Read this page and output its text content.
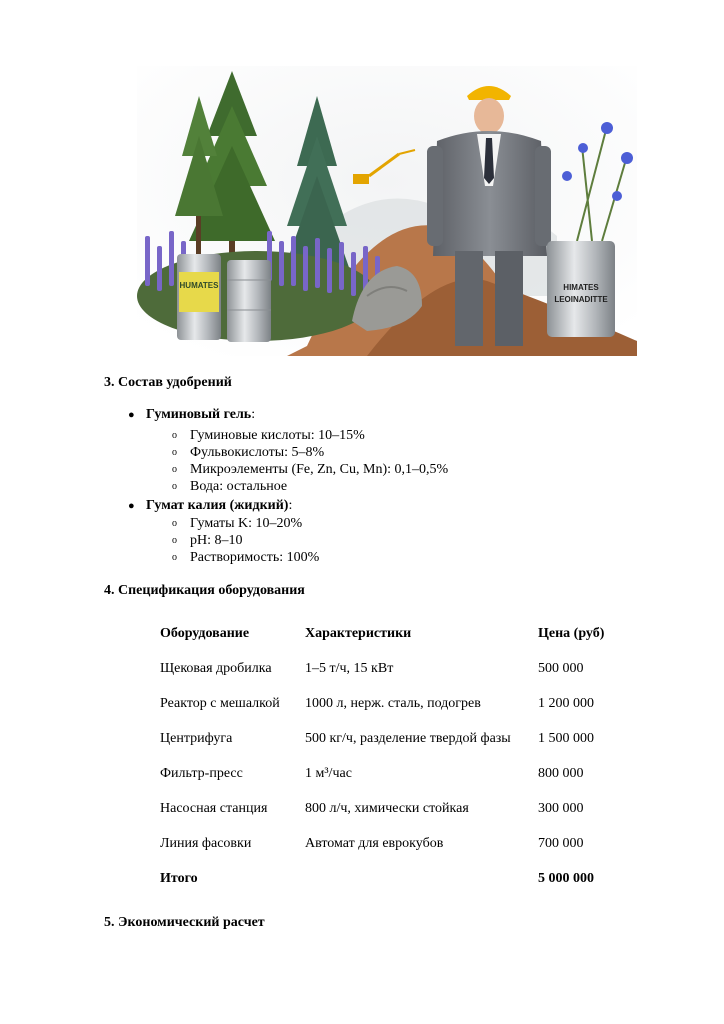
HUMATES	HIMATES
LEOINADITTE
3. Состав удобрений
● Гуминовый гель:
o Гуминовые кислоты: 10–15%
o Фульвокислоты: 5–8%
o Микроэлементы (Fe, Zn, Cu, Mn): 0,1–0,5%
o Вода: остальное
● Гумат калия (жидкий):
o Гуматы K: 10–20%
o pH: 8–10
o Растворимость: 100%
4. Спецификация оборудования
Оборудование	Характеристики	Цена (руб)
Щековая дробилка	1–5 т/ч, 15 кВт	500 000
Реактор с мешалкой	1000 л, нерж. сталь, подогрев	1 200 000
Центрифуга	500 кг/ч, разделение твердой фазы	1 500 000
Фильтр-пресс	1 м³/час	800 000
Насосная станция	800 л/ч, химически стойкая	300 000
Линия фасовки	Автомат для еврокубов	700 000
Итого		5 000 000
5. Экономический расчет
